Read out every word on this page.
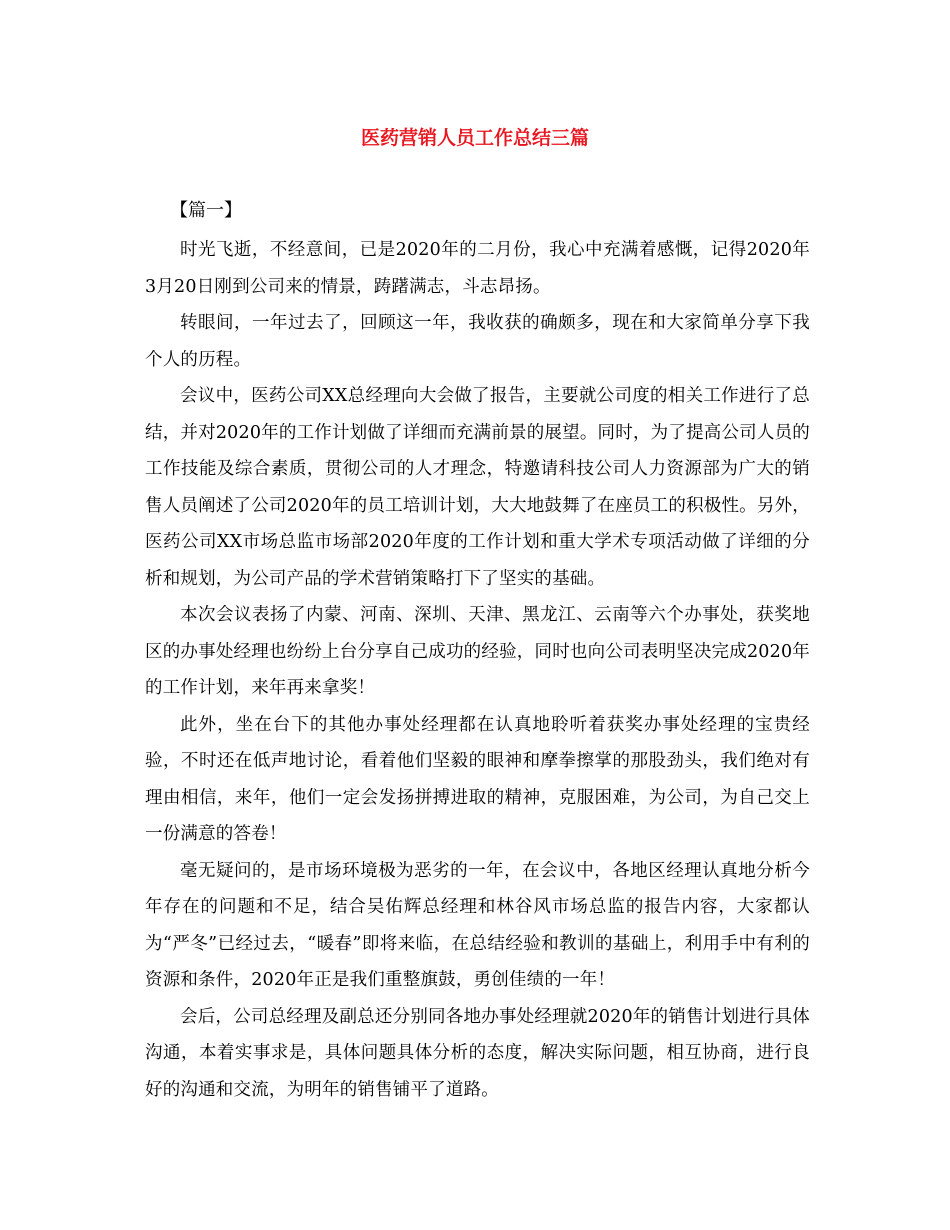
医药营销人员工作总结三篇

【篇一】

时光飞逝，不经意间，已是2020年的二月份，我心中充满着感慨，记得2020年3月20日刚到公司来的情景，踌躇满志，斗志昂扬。

转眼间，一年过去了，回顾这一年，我收获的确颇多，现在和大家简单分享下我个人的历程。

会议中，医药公司XX总经理向大会做了报告，主要就公司度的相关工作进行了总结，并对2020年的工作计划做了详细而充满前景的展望。同时，为了提高公司人员的工作技能及综合素质，贯彻公司的人才理念，特邀请科技公司人力资源部为广大的销售人员阐述了公司2020年的员工培训计划，大大地鼓舞了在座员工的积极性。另外，医药公司XX市场总监市场部2020年度的工作计划和重大学术专项活动做了详细的分析和规划，为公司产品的学术营销策略打下了坚实的基础。

本次会议表扬了内蒙、河南、深圳、天津、黑龙江、云南等六个办事处，获奖地区的办事处经理也纷纷上台分享自己成功的经验，同时也向公司表明坚决完成2020年的工作计划，来年再来拿奖！

此外，坐在台下的其他办事处经理都在认真地聆听着获奖办事处经理的宝贵经验，不时还在低声地讨论，看着他们坚毅的眼神和摩拳擦掌的那股劲头，我们绝对有理由相信，来年，他们一定会发扬拼搏进取的精神，克服困难，为公司，为自己交上一份满意的答卷！

毫无疑问的，是市场环境极为恶劣的一年，在会议中，各地区经理认真地分析今年存在的问题和不足，结合吴佑辉总经理和林谷风市场总监的报告内容，大家都认为“严冬”已经过去，“暖春”即将来临，在总结经验和教训的基础上，利用手中有利的资源和条件，2020年正是我们重整旗鼓，勇创佳绩的一年！

会后，公司总经理及副总还分别同各地办事处经理就2020年的销售计划进行具体沟通，本着实事求是，具体问题具体分析的态度，解决实际问题，相互协商，进行良好的沟通和交流，为明年的销售铺平了道路。
